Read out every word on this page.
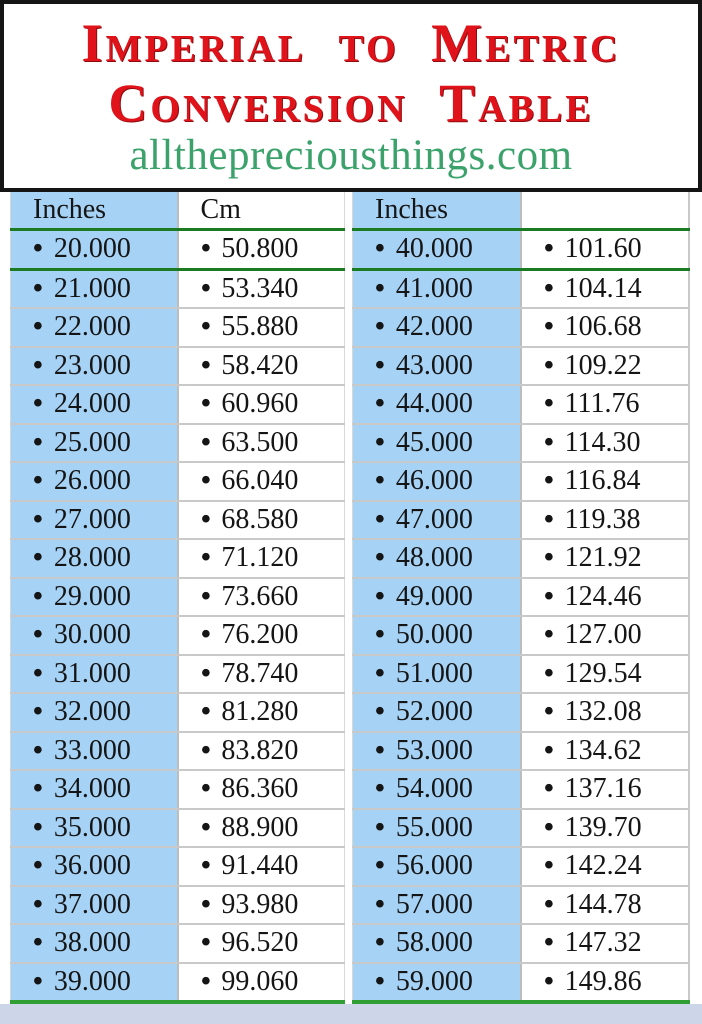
Imperial to Metric
Conversion Table
allthepreciousthings.com
Inches	Cm
• 20.000	• 50.800
• 21.000	• 53.340
• 22.000	• 55.880
• 23.000	• 58.420
• 24.000	• 60.960
• 25.000	• 63.500
• 26.000	• 66.040
• 27.000	• 68.580
• 28.000	• 71.120
• 29.000	• 73.660
• 30.000	• 76.200
• 31.000	• 78.740
• 32.000	• 81.280
• 33.000	• 83.820
• 34.000	• 86.360
• 35.000	• 88.900
• 36.000	• 91.440
• 37.000	• 93.980
• 38.000	• 96.520
• 39.000	• 99.060
Inches	
• 40.000	• 101.60
• 41.000	• 104.14
• 42.000	• 106.68
• 43.000	• 109.22
• 44.000	• 111.76
• 45.000	• 114.30
• 46.000	• 116.84
• 47.000	• 119.38
• 48.000	• 121.92
• 49.000	• 124.46
• 50.000	• 127.00
• 51.000	• 129.54
• 52.000	• 132.08
• 53.000	• 134.62
• 54.000	• 137.16
• 55.000	• 139.70
• 56.000	• 142.24
• 57.000	• 144.78
• 58.000	• 147.32
• 59.000	• 149.86
